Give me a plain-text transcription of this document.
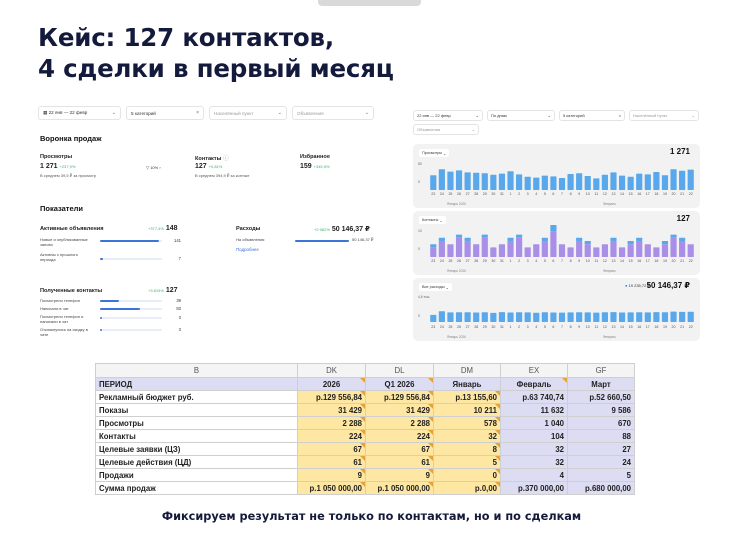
Кейс: 127 контактов,
4 сделки в первый месяц
▦ 22 янв — 22 февр	⌄	5 категорий	×	Населённый пункт	⌄	Объявления	⌄
Воронка продаж
Просмотры
1 271 +237,9%
В среднем 39,5 ₽ за просмотр
▽ 10% ›
Контакты ⓘ
127 +0,81%
В среднем 394,9 ₽ за контакт
Избранное
159 +345,5%
Показатели
Активные объявления	+377,4% 148
Новые и опубликованные заново
141
Активны с прошлого периода	7
Расходы	+2 982% 50 146,37 ₽
На объявления	50 146,37 ₽
Подробнее
Полученные контакты	+3 815% 127
Посмотрели телефон	39
Написали в чат	83
Посмотрели телефон и написали в чат
3
Откликнулись на скидку в чате
3
22 янв — 22 февр	⌄	По дням	⌄	5 категорий	×	Населённый пункт	⌄
Объявления	⌄
Просмотры ⌄	1 271
80
0
23 24 25 26 27 28 29 30 31 1 2 3 4 5 6 7 8 9 10 11 12 13 14 15 16 17 18 19 20 21 22
Январь 2026	Февраль
Контакты ⌄	127
10
0
23 24 25 26 27 28 29 30 31 1 2 3 4 5 6 7 8 9 10 11 12 13 14 15 16 17 18 19 20 21 22
Январь 2026	Февраль
Все расходы ⌄	● 19 235,72 ₽
50 146,37 ₽
4,6 тыс.
0
23 24 25 26 27 28 29 30 31 1 2 3 4 5 6 7 8 9 10 11 12 13 14 15 16 17 18 19 20 21 22
Январь 2026	Февраль
B	DK	DL	DM	EX	GF
ПЕРИОД	2026	Q1 2026	Январь	Февраль	Март
Рекламный бюджет руб.	р.129 556,84	р.129 556,84	р.13 155,60	р.63 740,74	р.52 660,50
Показы	31 429	31 429	10 211	11 632	9 586
Просмотры	2 288	2 288	578	1 040	670
Контакты	224	224	32	104	88
Целевые заявки (ЦЗ)	67	67	8	32	27
Целевые действия (ЦД)	61	61	5	32	24
Продажи	9	9	0	4	5
Сумма продаж	р.1 050 000,00	р.1 050 000,00	р.0,00	р.370 000,00	р.680 000,00
Фиксируем результат не только по контактам, но и по сделкам
